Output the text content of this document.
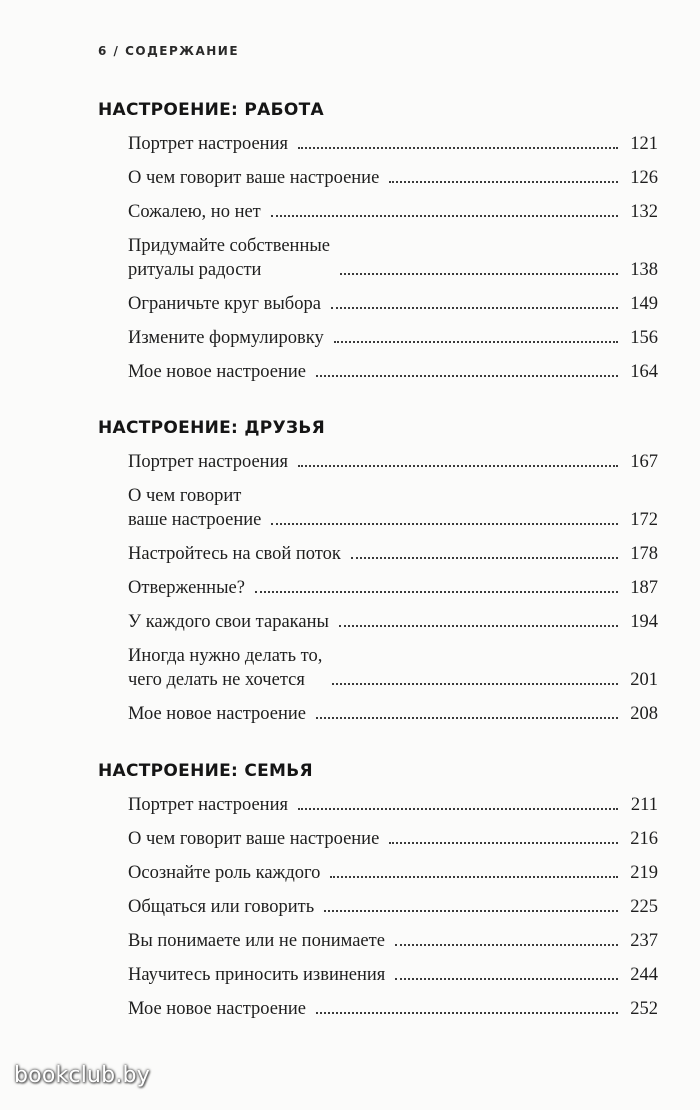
6 / СОДЕРЖАНИЕ
НАСТРОЕНИЕ: РАБОТА
Портрет настроения	121
О чем говорит ваше настроение	126
Сожалею, но нет	132
Придумайте собственные
ритуалы радости	138
Ограничьте круг выбора	149
Измените формулировку	156
Мое новое настроение	164
НАСТРОЕНИЕ: ДРУЗЬЯ
Портрет настроения	167
О чем говорит
ваше настроение	172
Настройтесь на свой поток	178
Отверженные?	187
У каждого свои тараканы	194
Иногда нужно делать то,
чего делать не хочется	201
Мое новое настроение	208
НАСТРОЕНИЕ: СЕМЬЯ
Портрет настроения	211
О чем говорит ваше настроение	216
Осознайте роль каждого	219
Общаться или говорить	225
Вы понимаете или не понимаете	237
Научитесь приносить извинения	244
Мое новое настроение	252
bookclub.by
